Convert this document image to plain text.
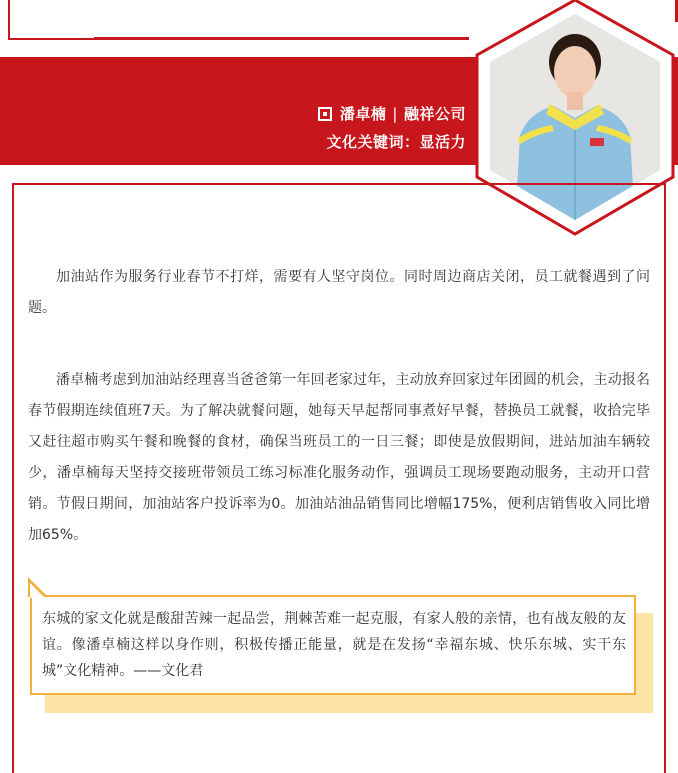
潘卓楠 | 融祥公司
文化关键词：显活力

加油站作为服务行业春节不打烊，需要有人坚守岗位。同时周边商店关闭，员工就餐遇到了问题。

潘卓楠考虑到加油站经理喜当爸爸第一年回老家过年，主动放弃回家过年团圆的机会，主动报名春节假期连续值班7天。为了解决就餐问题，她每天早起帮同事煮好早餐，替换员工就餐，收拾完毕又赶往超市购买午餐和晚餐的食材，确保当班员工的一日三餐；即使是放假期间，进站加油车辆较少，潘卓楠每天坚持交接班带领员工练习标准化服务动作，强调员工现场要跑动服务，主动开口营销。节假日期间，加油站客户投诉率为0。加油站油品销售同比增幅175%，便利店销售收入同比增加65%。

东城的家文化就是酸甜苦辣一起品尝，荆棘苦难一起克服，有家人般的亲情，也有战友般的友谊。像潘卓楠这样以身作则，积极传播正能量，就是在发扬“幸福东城、快乐东城、实干东城”文化精神。——文化君
